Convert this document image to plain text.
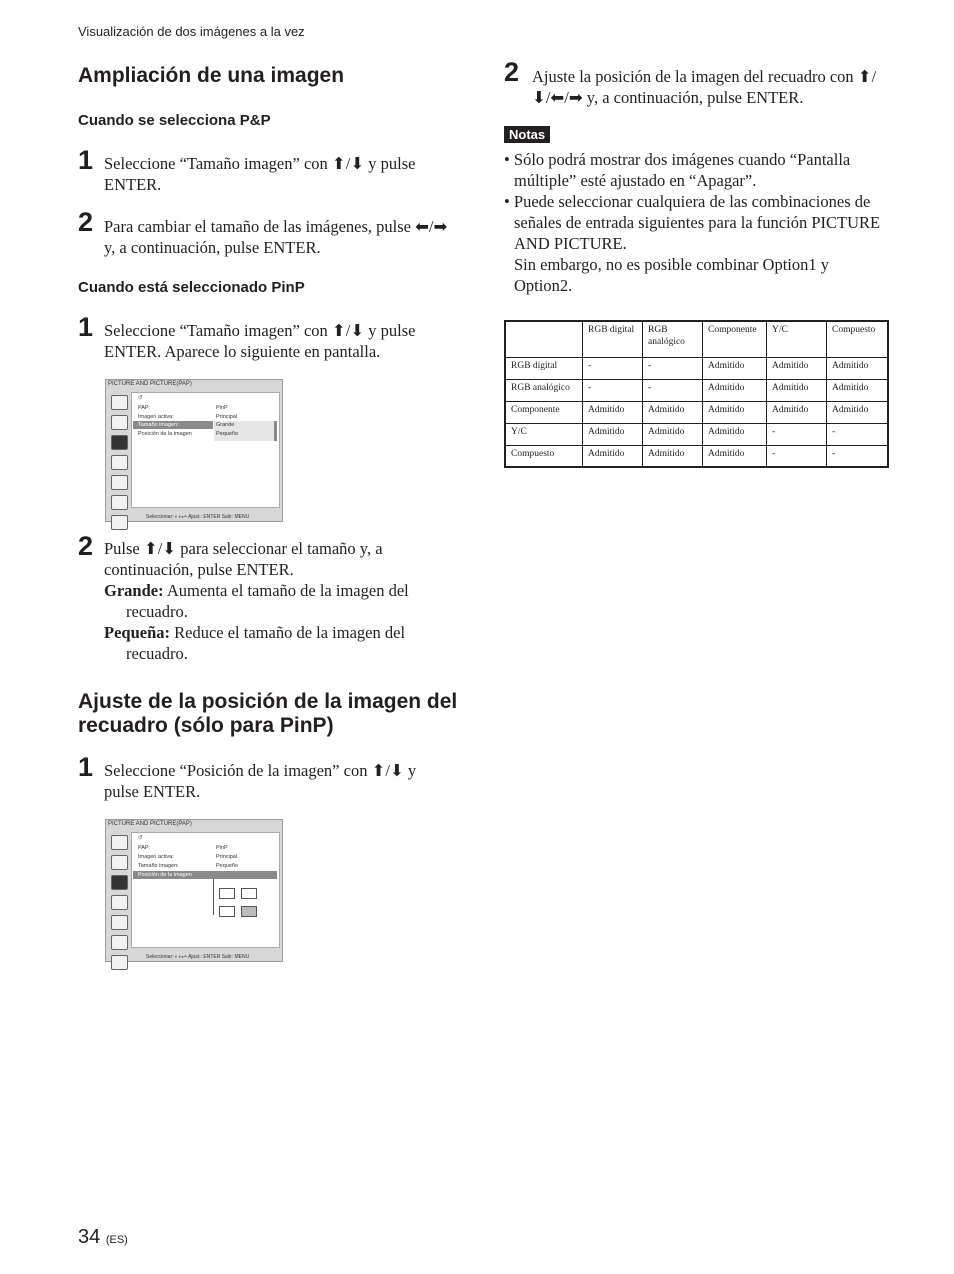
Visualización de dos imágenes a la vez
Ampliación de una imagen
Cuando se selecciona P&P
1 Seleccione “Tamaño imagen” con ⬆/⬇ y pulse ENTER.
2 Para cambiar el tamaño de las imágenes, pulse ⬅/➡ y, a continuación, pulse ENTER.
Cuando está seleccionado PinP
1 Seleccione “Tamaño imagen” con ⬆/⬇ y pulse ENTER. Aparece lo siguiente en pantalla.
PICTURE AND PICTURE(PAP)
↺
PAP:	PinP
Imagen activa:	Principal
Tamaño imagen:	Grande
Posición de la imagen	Pequeño
Seleccionar: ◐◑◒◓ Ajust.: ENTER Salir: MENU
2 Pulse ⬆/⬇ para seleccionar el tamaño y, a continuación, pulse ENTER.
Grande: Aumenta el tamaño de la imagen del recuadro.
Pequeña: Reduce el tamaño de la imagen del recuadro.
Ajuste de la posición de la imagen del recuadro (sólo para PinP)
1 Seleccione “Posición de la imagen” con ⬆/⬇ y pulse ENTER.
PICTURE AND PICTURE(PAP)
↺
PAP:	PinP
Imagen activa:	Principal
Tamaño imagen:	Pequeño
Posición de la imagen
Seleccionar: ◐◑◒◓ Ajust.: ENTER Salir: MENU
2 Ajuste la posición de la imagen del recuadro con ⬆/⬇/⬅/➡ y, a continuación, pulse ENTER.
Notas
• Sólo podrá mostrar dos imágenes cuando “Pantalla múltiple” esté ajustado en “Apagar”.
• Puede seleccionar cualquiera de las combinaciones de señales de entrada siguientes para la función PICTURE AND PICTURE.
Sin embargo, no es posible combinar Option1 y Option2.
	RGB digital	RGB analógico	Componente	Y/C	Compuesto
RGB digital	-	-	Admitido	Admitido	Admitido
RGB analógico	-	-	Admitido	Admitido	Admitido
Componente	Admitido	Admitido	Admitido	Admitido	Admitido
Y/C	Admitido	Admitido	Admitido	-	-
Compuesto	Admitido	Admitido	Admitido	-	-
34 (ES)
